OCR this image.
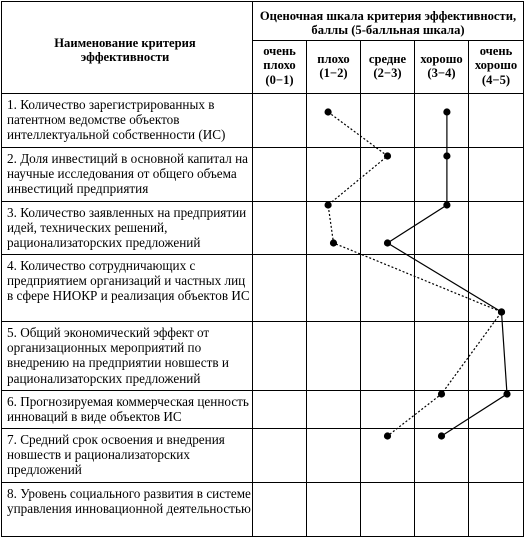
Наименование критерия эффективности
Оценочная шкала критерия эффективности, баллы (5-балльная шкала)
очень плохо
(0−1)
плохо
(1−2)
средне
(2−3)
хорошо
(3−4)
очень хорошо
(4−5)
1. Количество зарегистрированных в патентном ведомстве объектов интеллектуальной собственности (ИС)
2. Доля инвестиций в основной капитал на научные исследования от общего объема инвестиций предприятия
3. Количество заявленных на предприятии идей, технических решений, рационализаторских предложений
4. Количество сотрудничающих с предприятием организаций и частных лиц в сфере НИОКР и реализация объектов ИС
5. Общий экономический эффект от организационных мероприятий по внедрению на предприятии новшеств и рационализаторских предложений
6. Прогнозируемая коммерческая ценность инноваций в виде объектов ИС
7. Средний срок освоения и внедрения новшеств и рационализаторских предложений
8. Уровень социального развития в системе управления инновационной деятельностью
